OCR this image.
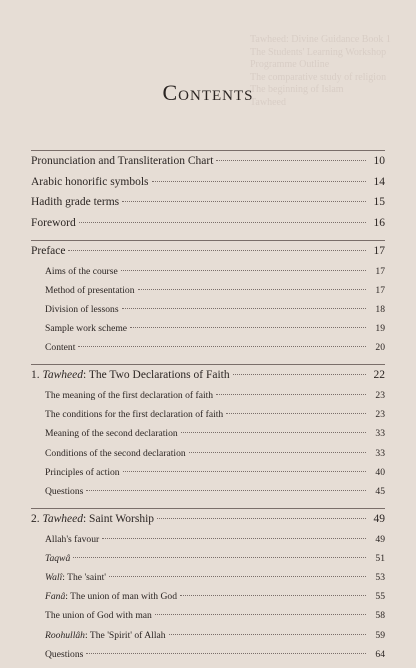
Tawheed: Divine Guidance Book 1
The Students' Learning Workshop
Programme Outline
The comparative study of religion
The beginning of Islam
Tawheed
Contents
Pronunciation and Transliteration Chart	10
Arabic honorific symbols	14
Hadith grade terms	15
Foreword	16
Preface	17
Aims of the course	17
Method of presentation	17
Division of lessons	18
Sample work scheme	19
Content	20
1. Tawheed: The Two Declarations of Faith	22
The meaning of the first declaration of faith	23
The conditions for the first declaration of faith	23
Meaning of the second declaration	33
Conditions of the second declaration	33
Principles of action	40
Questions	45
2. Tawheed: Saint Worship	49
Allah's favour	49
Taqwâ	51
Walî: The 'saint'	53
Fanâ: The union of man with God	55
The union of God with man	58
Roohullâh: The 'Spirit' of Allah	59
Questions	64
